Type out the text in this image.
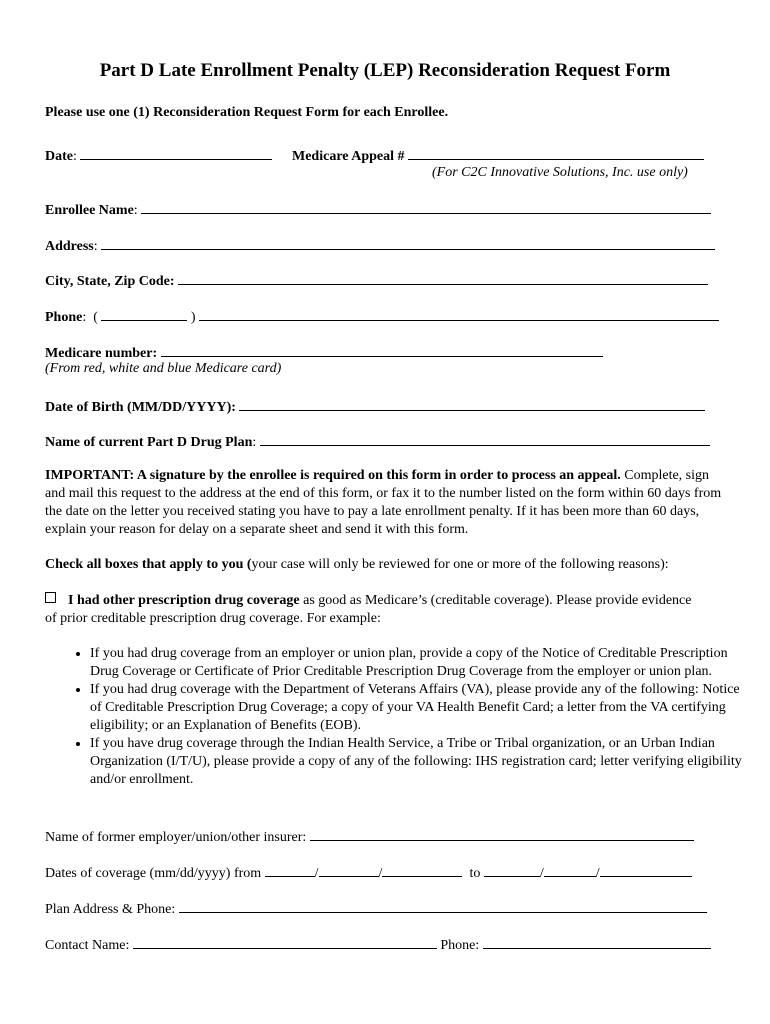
Part D Late Enrollment Penalty (LEP) Reconsideration Request Form
Please use one (1) Reconsideration Request Form for each Enrollee.
Date:	Medicare Appeal #
(For C2C Innovative Solutions, Inc. use only)
Enrollee Name:
Address:
City, State, Zip Code:
Phone:  (	)
Medicare number:
(From red, white and blue Medicare card)
Date of Birth (MM/DD/YYYY):
Name of current Part D Drug Plan:
IMPORTANT: A signature by the enrollee is required on this form in order to process an appeal. Complete, sign and mail this request to the address at the end of this form, or fax it to the number listed on the form within 60 days from the date on the letter you received stating you have to pay a late enrollment penalty. If it has been more than 60 days, explain your reason for delay on a separate sheet and send it with this form.
Check all boxes that apply to you (your case will only be reviewed for one or more of the following reasons):
I had other prescription drug coverage as good as Medicare’s (creditable coverage). Please provide evidence of prior creditable prescription drug coverage. For example:
• If you had drug coverage from an employer or union plan, provide a copy of the Notice of Creditable Prescription Drug Coverage or Certificate of Prior Creditable Prescription Drug Coverage from the employer or union plan.
• If you had drug coverage with the Department of Veterans Affairs (VA), please provide any of the following: Notice of Creditable Prescription Drug Coverage; a copy of your VA Health Benefit Card; a letter from the VA certifying eligibility; or an Explanation of Benefits (EOB).
• If you have drug coverage through the Indian Health Service, a Tribe or Tribal organization, or an Urban Indian Organization (I/T/U), please provide a copy of any of the following: IHS registration card; letter verifying eligibility and/or enrollment.
Name of former employer/union/other insurer:
Dates of coverage (mm/dd/yyyy) from	/	/	to	/	/
Plan Address & Phone:
Contact Name:	Phone:
